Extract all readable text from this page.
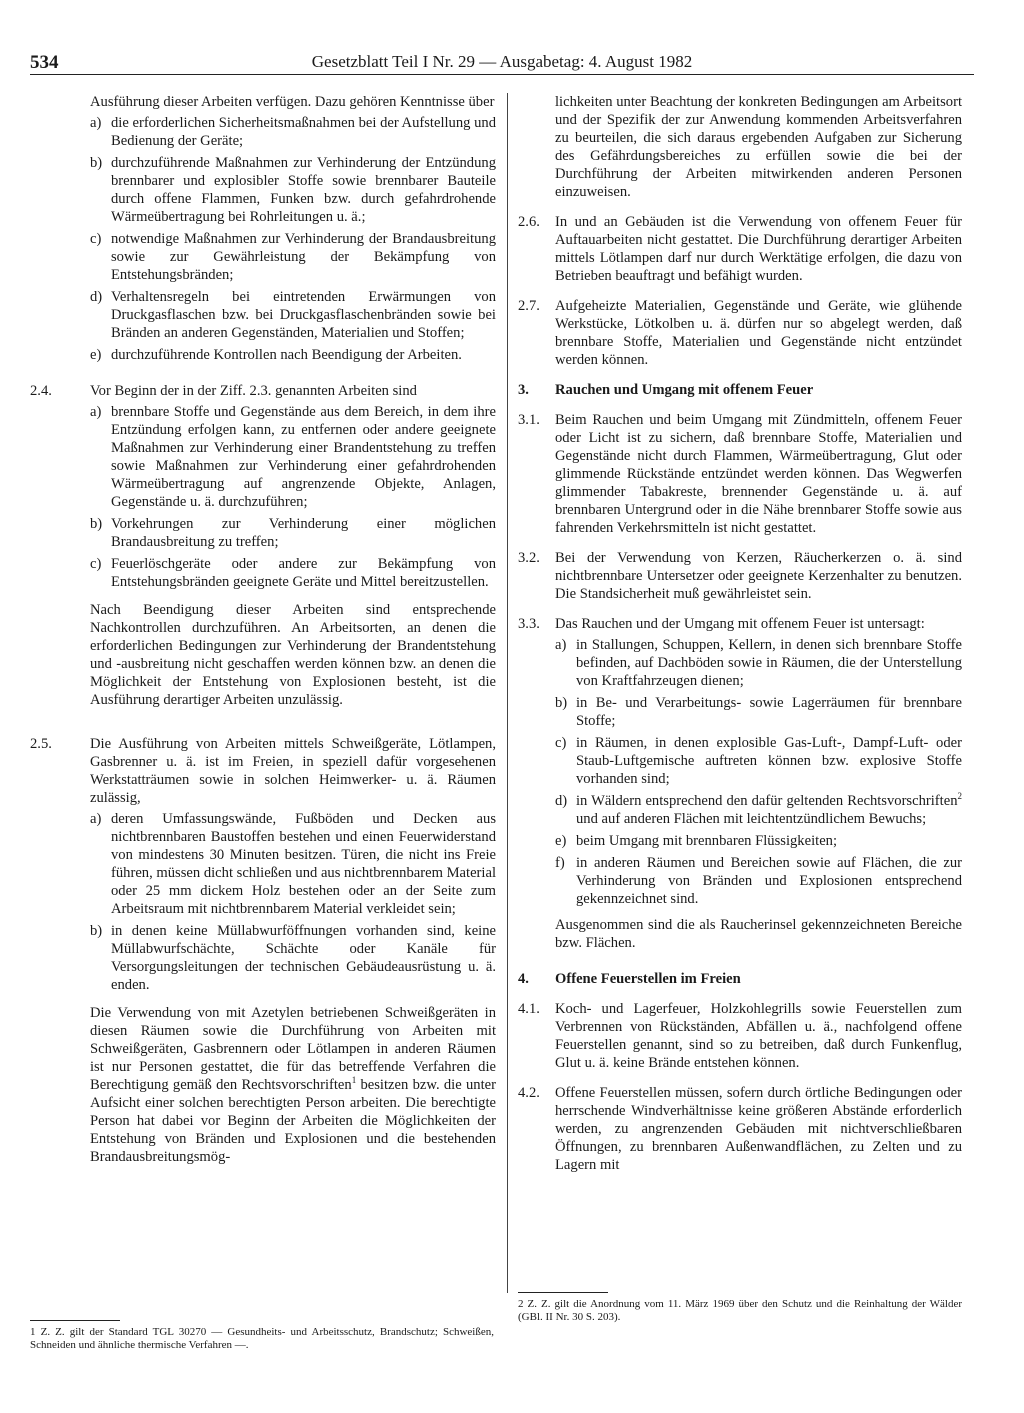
534	Gesetzblatt Teil I Nr. 29 — Ausgabetag: 4. August 1982
Ausführung dieser Arbeiten verfügen. Dazu gehören Kenntnisse über
a) die erforderlichen Sicherheitsmaßnahmen bei der Aufstellung und Bedienung der Geräte;
b) durchzuführende Maßnahmen zur Verhinderung der Entzündung brennbarer und explosibler Stoffe sowie brennbarer Bauteile durch offene Flammen, Funken bzw. durch gefahrdrohende Wärmeübertragung bei Rohrleitungen u. ä.;
c) notwendige Maßnahmen zur Verhinderung der Brandausbreitung sowie zur Gewährleistung der Bekämpfung von Entstehungsbränden;
d) Verhaltensregeln bei eintretenden Erwärmungen von Druckgasflaschen bzw. bei Druckgasflaschenbränden sowie bei Bränden an anderen Gegenständen, Materialien und Stoffen;
e) durchzuführende Kontrollen nach Beendigung der Arbeiten.
2.4.	Vor Beginn der in der Ziff. 2.3. genannten Arbeiten sind
a) brennbare Stoffe und Gegenstände aus dem Bereich, in dem ihre Entzündung erfolgen kann, zu entfernen oder andere geeignete Maßnahmen zur Verhinderung einer Brandentstehung zu treffen sowie Maßnahmen zur Verhinderung einer gefahrdrohenden Wärmeübertragung auf angrenzende Objekte, Anlagen, Gegenstände u. ä. durchzuführen;
b) Vorkehrungen zur Verhinderung einer möglichen Brandausbreitung zu treffen;
c) Feuerlöschgeräte oder andere zur Bekämpfung von Entstehungsbränden geeignete Geräte und Mittel bereitzustellen.
Nach Beendigung dieser Arbeiten sind entsprechende Nachkontrollen durchzuführen. An Arbeitsorten, an denen die erforderlichen Bedingungen zur Verhinderung der Brandentstehung und -ausbreitung nicht geschaffen werden können bzw. an denen die Möglichkeit der Entstehung von Explosionen besteht, ist die Ausführung derartiger Arbeiten unzulässig.
2.5.	Die Ausführung von Arbeiten mittels Schweißgeräte, Lötlampen, Gasbrenner u. ä. ist im Freien, in speziell dafür vorgesehenen Werkstatträumen sowie in solchen Heimwerker- u. ä. Räumen zulässig,
a) deren Umfassungswände, Fußböden und Decken aus nichtbrennbaren Baustoffen bestehen und einen Feuerwiderstand von mindestens 30 Minuten besitzen. Türen, die nicht ins Freie führen, müssen dicht schließen und aus nichtbrennbarem Material oder 25 mm dickem Holz bestehen oder an der Seite zum Arbeitsraum mit nichtbrennbarem Material verkleidet sein;
b) in denen keine Müllabwurföffnungen vorhanden sind, keine Müllabwurfschächte, Schächte oder Kanäle für Versorgungsleitungen der technischen Gebäudeausrüstung u. ä. enden.
Die Verwendung von mit Azetylen betriebenen Schweißgeräten in diesen Räumen sowie die Durchführung von Arbeiten mit Schweißgeräten, Gasbrennern oder Lötlampen in anderen Räumen ist nur Personen gestattet, die für das betreffende Verfahren die Berechtigung gemäß den Rechtsvorschriften$^1$ besitzen bzw. die unter Aufsicht einer solchen berechtigten Person arbeiten. Die berechtigte Person hat dabei vor Beginn der Arbeiten die Möglichkeiten der Entstehung von Bränden und Explosionen und die bestehenden Brandausbreitungsmög-
lichkeiten unter Beachtung der konkreten Bedingungen am Arbeitsort und der Spezifik der zur Anwendung kommenden Arbeitsverfahren zu beurteilen, die sich daraus ergebenden Aufgaben zur Sicherung des Gefährdungsbereiches zu erfüllen sowie die bei der Durchführung der Arbeiten mitwirkenden anderen Personen einzuweisen.
2.6. In und an Gebäuden ist die Verwendung von offenem Feuer für Auftauarbeiten nicht gestattet. Die Durchführung derartiger Arbeiten mittels Lötlampen darf nur durch Werktätige erfolgen, die dazu von Betrieben beauftragt und befähigt wurden.
2.7. Aufgeheizte Materialien, Gegenstände und Geräte, wie glühende Werkstücke, Lötkolben u. ä. dürfen nur so abgelegt werden, daß brennbare Stoffe, Materialien und Gegenstände nicht entzündet werden können.
3. Rauchen und Umgang mit offenem Feuer
3.1. Beim Rauchen und beim Umgang mit Zündmitteln, offenem Feuer oder Licht ist zu sichern, daß brennbare Stoffe, Materialien und Gegenstände nicht durch Flammen, Wärmeübertragung, Glut oder glimmende Rückstände entzündet werden können. Das Wegwerfen glimmender Tabakreste, brennender Gegenstände u. ä. auf brennbaren Untergrund oder in die Nähe brennbarer Stoffe sowie aus fahrenden Verkehrsmitteln ist nicht gestattet.
3.2. Bei der Verwendung von Kerzen, Räucherkerzen o. ä. sind nichtbrennbare Untersetzer oder geeignete Kerzenhalter zu benutzen. Die Standsicherheit muß gewährleistet sein.
3.3. Das Rauchen und der Umgang mit offenem Feuer ist untersagt:
a) in Stallungen, Schuppen, Kellern, in denen sich brennbare Stoffe befinden, auf Dachböden sowie in Räumen, die der Unterstellung von Kraftfahrzeugen dienen;
b) in Be- und Verarbeitungs- sowie Lagerräumen für brennbare Stoffe;
c) in Räumen, in denen explosible Gas-Luft-, Dampf-Luft- oder Staub-Luftgemische auftreten können bzw. explosive Stoffe vorhanden sind;
d) in Wäldern entsprechend den dafür geltenden Rechtsvorschriften$^2$ und auf anderen Flächen mit leichtentzündlichem Bewuchs;
e) beim Umgang mit brennbaren Flüssigkeiten;
f) in anderen Räumen und Bereichen sowie auf Flächen, die zur Verhinderung von Bränden und Explosionen entsprechend gekennzeichnet sind.
Ausgenommen sind die als Raucherinsel gekennzeichneten Bereiche bzw. Flächen.
4. Offene Feuerstellen im Freien
4.1. Koch- und Lagerfeuer, Holzkohlegrills sowie Feuerstellen zum Verbrennen von Rückständen, Abfällen u. ä., nachfolgend offene Feuerstellen genannt, sind so zu betreiben, daß durch Funkenflug, Glut u. ä. keine Brände entstehen können.
4.2. Offene Feuerstellen müssen, sofern durch örtliche Bedingungen oder herrschende Windverhältnisse keine größeren Abstände erforderlich werden, zu angrenzenden Gebäuden mit nichtverschließbaren Öffnungen, zu brennbaren Außenwandflächen, zu Zelten und zu Lagern mit
1 Z. Z. gilt der Standard TGL 30270 — Gesundheits- und Arbeitsschutz, Brandschutz; Schweißen, Schneiden und ähnliche thermische Verfahren —.
2 Z. Z. gilt die Anordnung vom 11. März 1969 über den Schutz und die Reinhaltung der Wälder (GBl. II Nr. 30 S. 203).
